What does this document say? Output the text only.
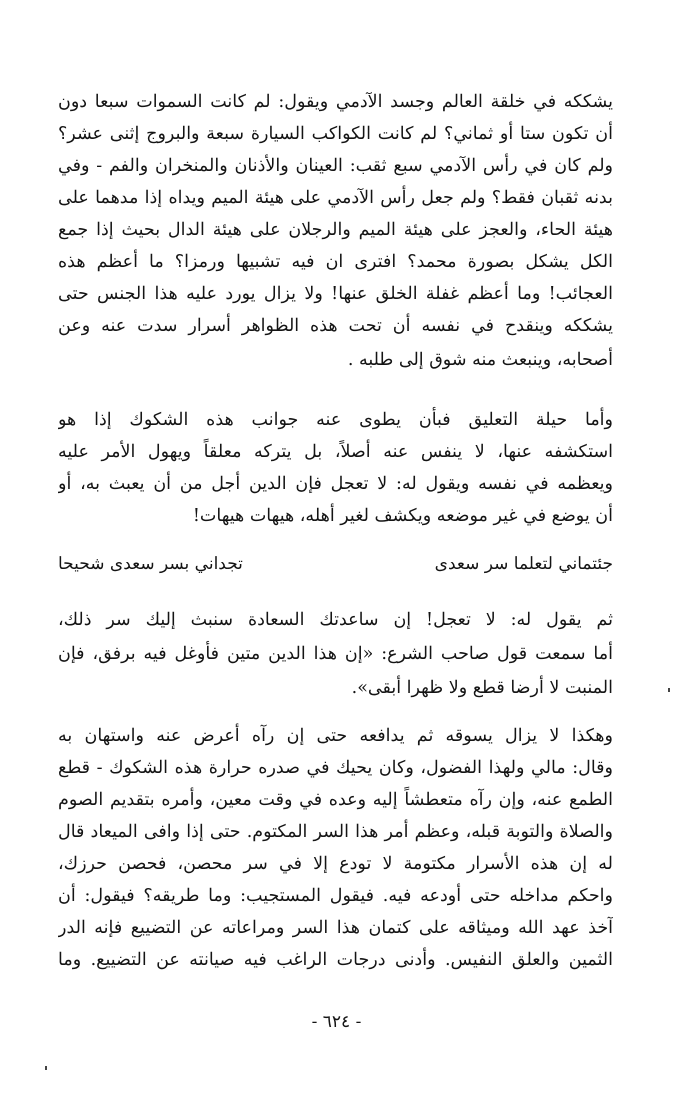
يشككه في خلقة العالم وجسد الآدمي ويقول: لم كانت السموات سبعا دون
أن تكون ستا أو ثماني؟ لم كانت الكواكب السيارة سبعة والبروج إثنى عشر؟
ولم كان في رأس الآدمي سبع ثقب: العينان والأذنان والمنخران والفم - وفي
بدنه ثقبان فقط؟ ولم جعل رأس الآدمي على هيئة الميم ويداه إذا مدهما على
هيئة الحاء، والعجز على هيئة الميم والرجلان على هيئة الدال بحيث إذا جمع
الكل يشكل بصورة محمد؟ افترى ان فيه تشبيها ورمزا؟ ما أعظم هذه
العجائب! وما أعظم غفلة الخلق عنها! ولا يزال يورد عليه هذا الجنس حتى
يشككه وينقدح في نفسه أن تحت هذه الظواهر أسرار سدت عنه وعن
أصحابه، وينبعث منه شوق إلى طلبه .
وأما حيلة التعليق فبأن يطوى عنه جوانب هذه الشكوك إذا هو
استكشفه عنها، لا ينفس عنه أصلاً، بل يتركه معلقاً ويهول الأمر عليه
ويعظمه في نفسه ويقول له: لا تعجل فإن الدين أجل من أن يعبث به، أو
أن يوضع في غير موضعه ويكشف لغير أهله، هيهات هيهات!
جئتماني لتعلما سر سعدى
تجداني بسر سعدى شحيحا
ثم يقول له: لا تعجل! إن ساعدتك السعادة سنبث إليك سر ذلك،
أما سمعت قول صاحب الشرع: «إن هذا الدين متين فأوغل فيه برفق، فإن
المنبت لا أرضا قطع ولا ظهرا أبقى».
وهكذا لا يزال يسوقه ثم يدافعه حتى إن رآه أعرض عنه واستهان به
وقال: مالي ولهذا الفضول، وكان يحيك في صدره حرارة هذه الشكوك - قطع
الطمع عنه، وإن رآه متعطشاً إليه وعده في وقت معين، وأمره بتقديم الصوم
والصلاة والتوبة قبله، وعظم أمر هذا السر المكتوم. حتى إذا وافى الميعاد قال
له إن هذه الأسرار مكتومة لا تودع إلا في سر محصن، فحصن حرزك،
واحكم مداخله حتى أودعه فيه. فيقول المستجيب: وما طريقه؟ فيقول: أن
آخذ عهد الله وميثاقه على كتمان هذا السر ومراعاته عن التضييع فإنه الدر
الثمين والعلق النفيس. وأدنى درجات الراغب فيه صيانته عن التضييع. وما
- ٦٢٤ -
